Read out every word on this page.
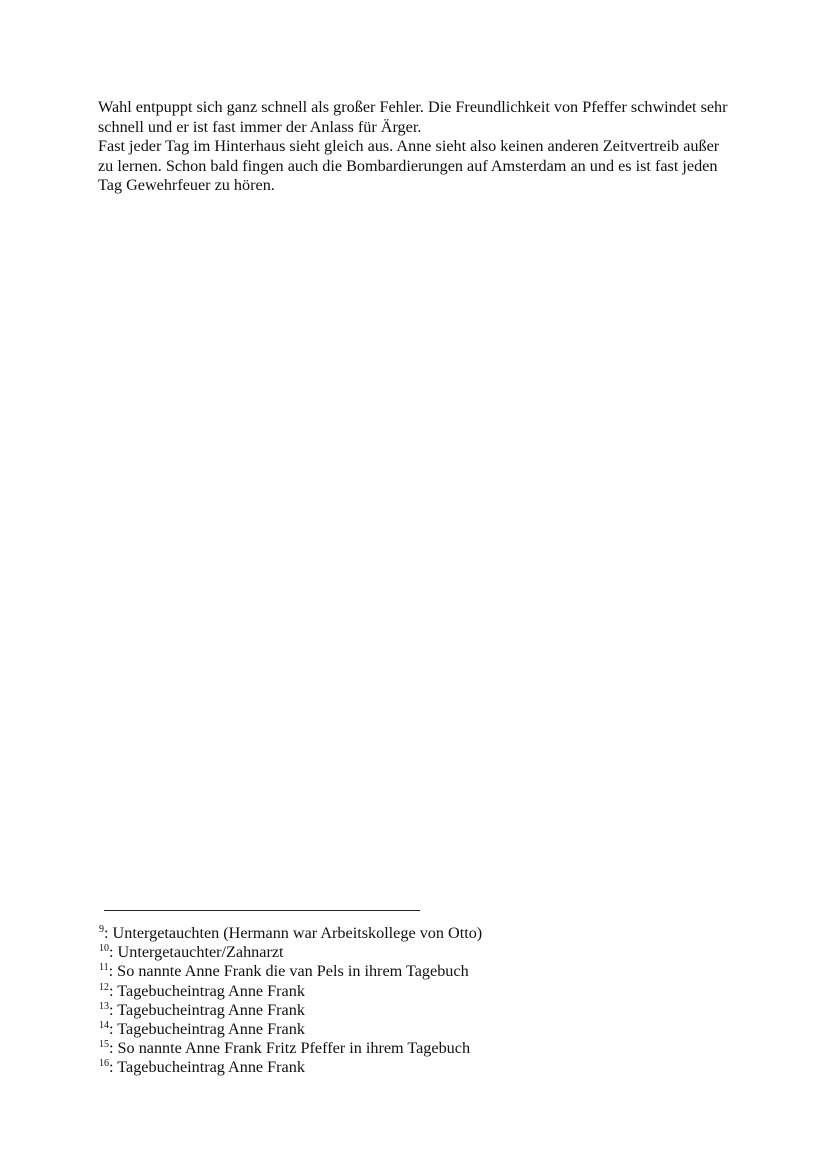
Wahl entpuppt sich ganz schnell als großer Fehler. Die Freundlichkeit von Pfeffer schwindet sehr schnell und er ist fast immer der Anlass für Ärger.

Fast jeder Tag im Hinterhaus sieht gleich aus. Anne sieht also keinen anderen Zeitvertreib außer zu lernen. Schon bald fingen auch die Bombardierungen auf Amsterdam an und es ist fast jeden Tag Gewehrfeuer zu hören.

$^9$: Untergetauchten (Hermann war Arbeitskollege von Otto)
$^{10}$: Untergetauchter/Zahnarzt
$^{11}$: So nannte Anne Frank die van Pels in ihrem Tagebuch
$^{12}$: Tagebucheintrag Anne Frank
$^{13}$: Tagebucheintrag Anne Frank
$^{14}$: Tagebucheintrag Anne Frank
$^{15}$: So nannte Anne Frank Fritz Pfeffer in ihrem Tagebuch
$^{16}$: Tagebucheintrag Anne Frank
